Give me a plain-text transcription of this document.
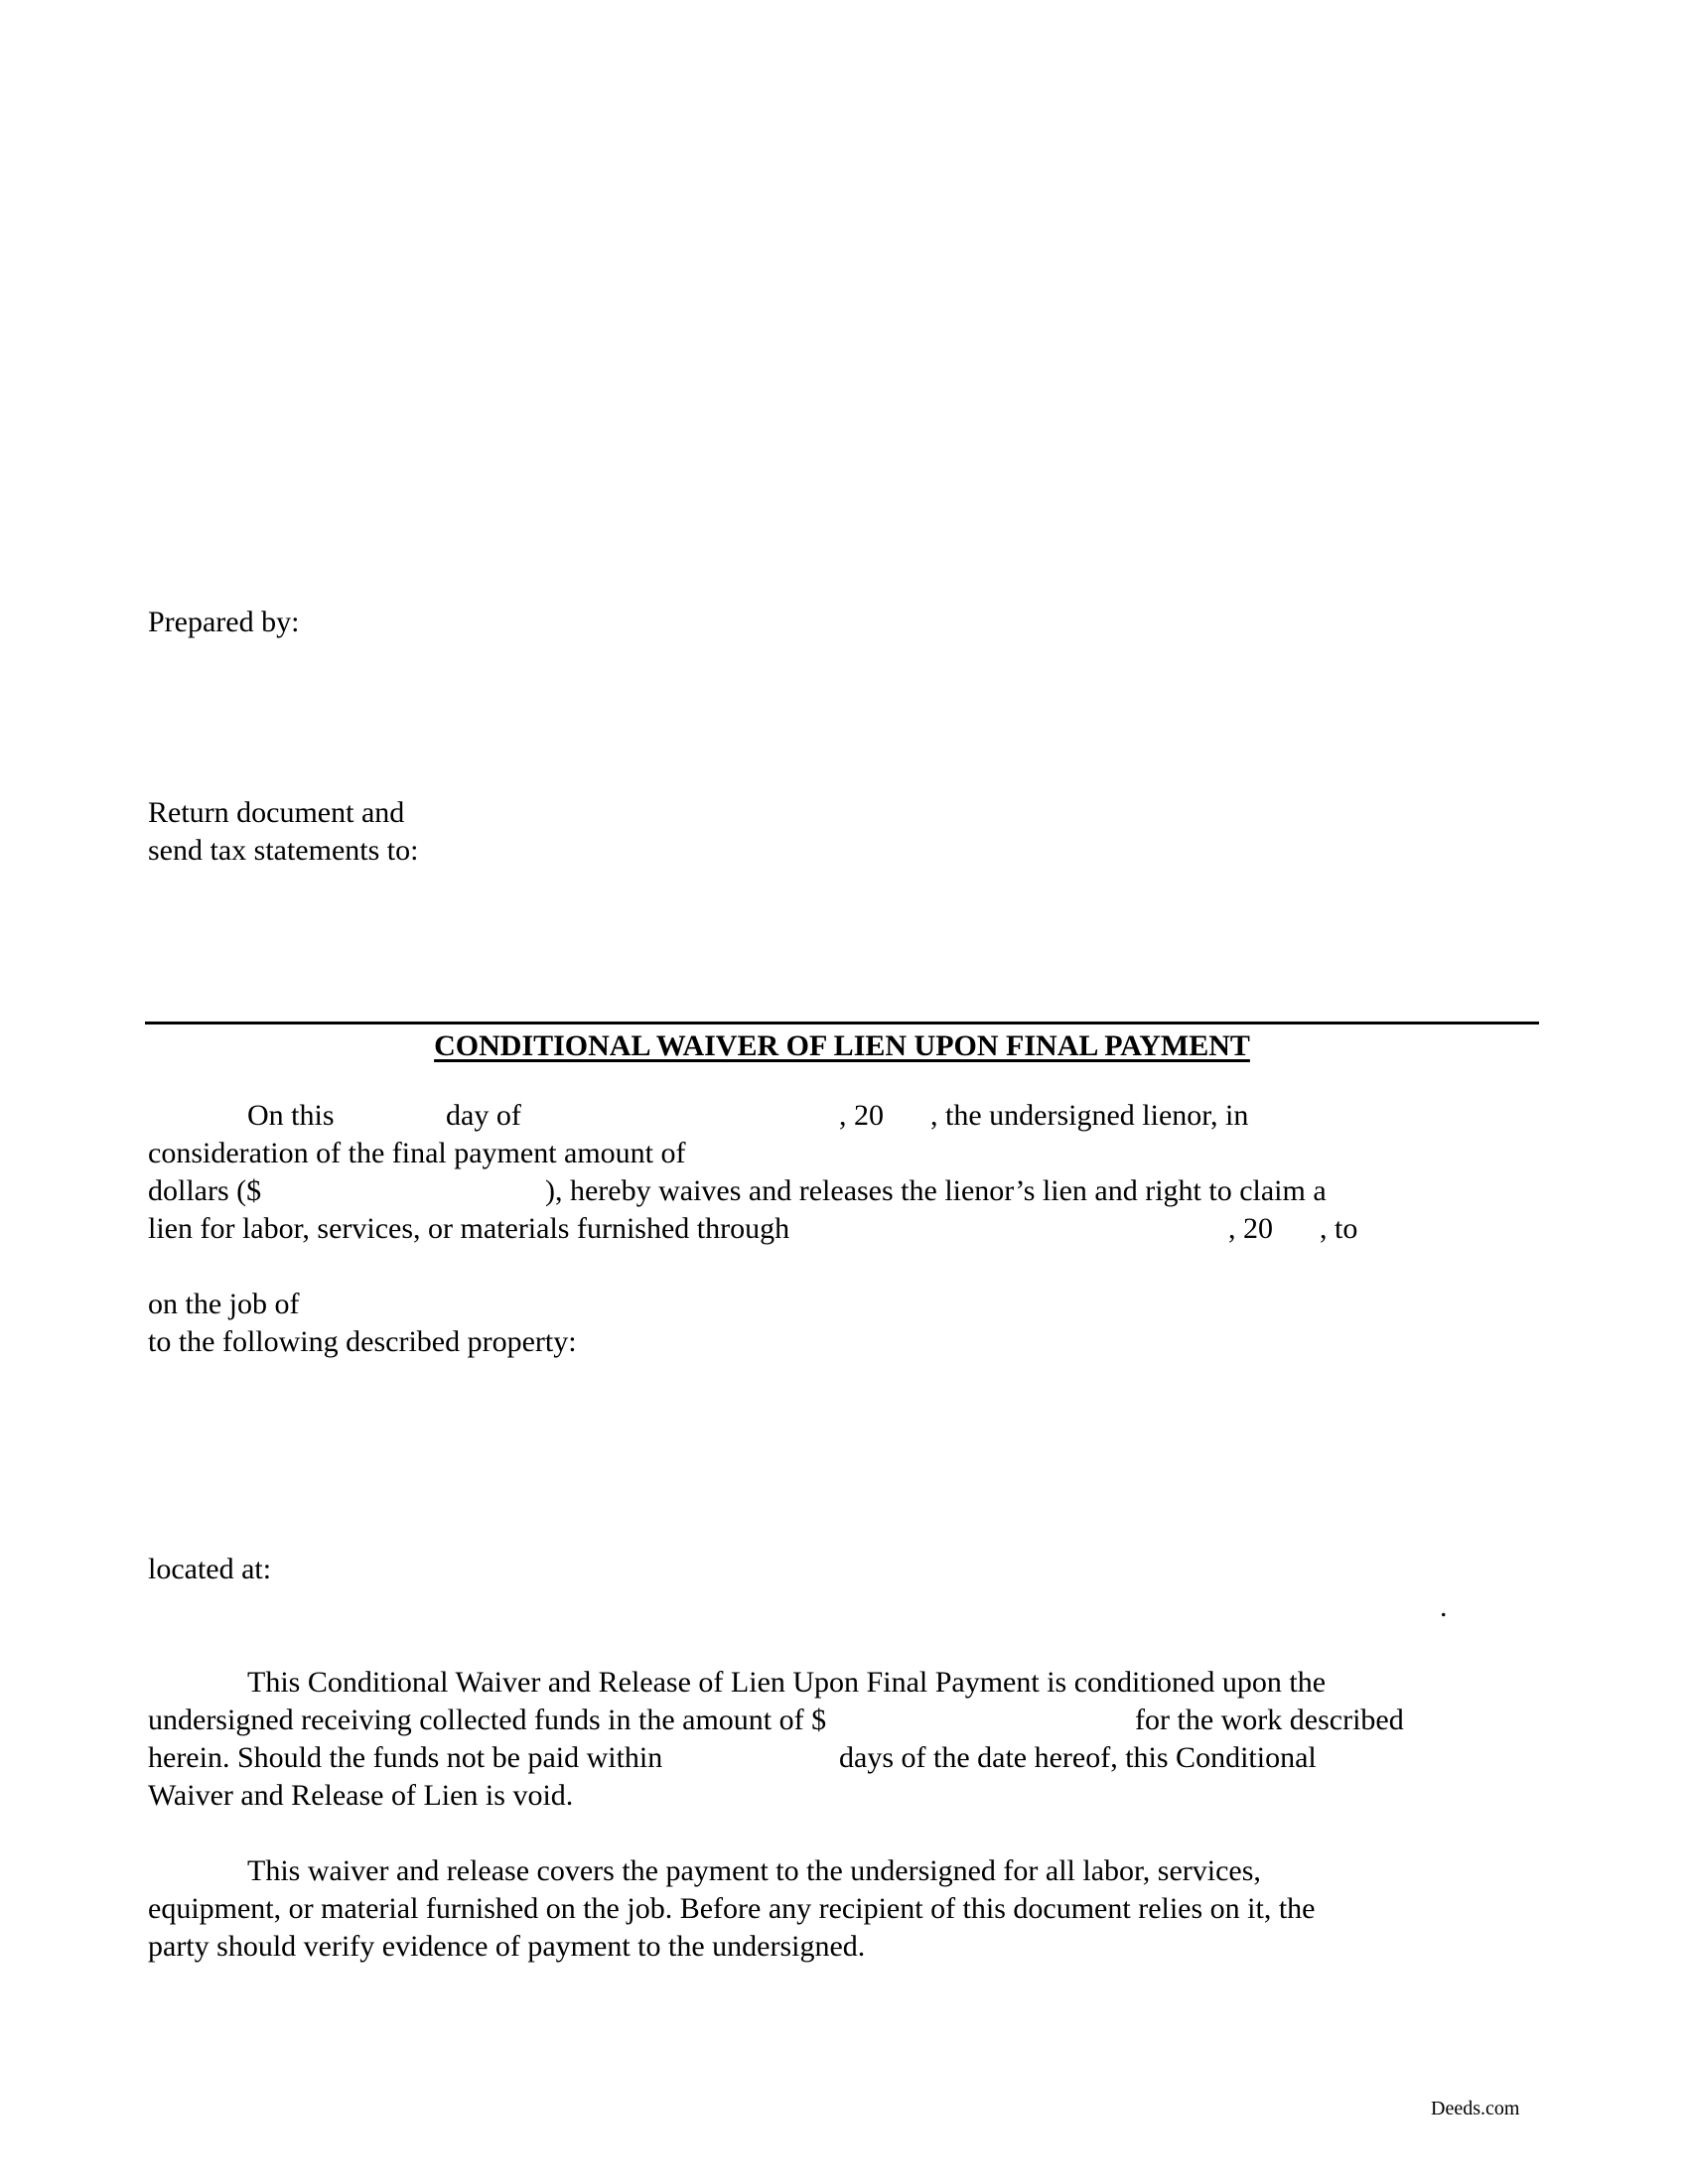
Prepared by:

Return document and

send tax statements to:

CONDITIONAL WAIVER OF LIEN UPON FINAL PAYMENT

On this	day of	, 20 , the undersigned lienor, in

consideration of the final payment amount of

dollars ($	), hereby waives and releases the lienor’s lien and right to claim a

lien for labor, services, or materials furnished through	, 20 , to

on the job of

to the following described property:

located at:

.

This Conditional Waiver and Release of Lien Upon Final Payment is conditioned upon the

undersigned receiving collected funds in the amount of $	for the work described

herein. Should the funds not be paid within	days of the date hereof, this Conditional

Waiver and Release of Lien is void.

This waiver and release covers the payment to the undersigned for all labor, services,

equipment, or material furnished on the job. Before any recipient of this document relies on it, the

party should verify evidence of payment to the undersigned.

Deeds.com
